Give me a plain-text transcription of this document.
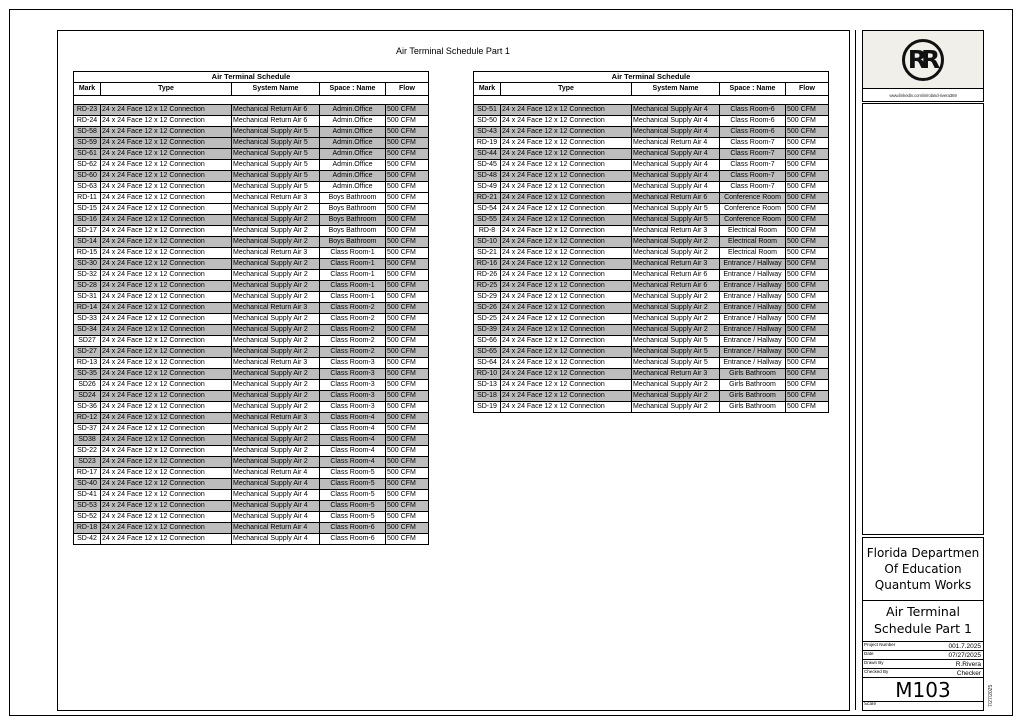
Air Terminal Schedule Part 1
Air Terminal Schedule				
Mark	Type	System Name	Space : Name	Flow

RD-23	24 x 24 Face 12 x 12 Connection	Mechanical Return Air 6	Admin.Office	500 CFM
RD-24	24 x 24 Face 12 x 12 Connection	Mechanical Return Air 6	Admin.Office	500 CFM
SD-58	24 x 24 Face 12 x 12 Connection	Mechanical Supply Air 5	Admin.Office	500 CFM
SD-59	24 x 24 Face 12 x 12 Connection	Mechanical Supply Air 5	Admin.Office	500 CFM
SD-61	24 x 24 Face 12 x 12 Connection	Mechanical Supply Air 5	Admin.Office	500 CFM
SD-62	24 x 24 Face 12 x 12 Connection	Mechanical Supply Air 5	Admin.Office	500 CFM
SD-60	24 x 24 Face 12 x 12 Connection	Mechanical Supply Air 5	Admin.Office	500 CFM
SD-63	24 x 24 Face 12 x 12 Connection	Mechanical Supply Air 5	Admin.Office	500 CFM
RD-11	24 x 24 Face 12 x 12 Connection	Mechanical Return Air 3	Boys Bathroom	500 CFM
SD-15	24 x 24 Face 12 x 12 Connection	Mechanical Supply Air 2	Boys Bathroom	500 CFM
SD-16	24 x 24 Face 12 x 12 Connection	Mechanical Supply Air 2	Boys Bathroom	500 CFM
SD-17	24 x 24 Face 12 x 12 Connection	Mechanical Supply Air 2	Boys Bathroom	500 CFM
SD-14	24 x 24 Face 12 x 12 Connection	Mechanical Supply Air 2	Boys Bathroom	500 CFM
RD-15	24 x 24 Face 12 x 12 Connection	Mechanical Return Air 3	Class Room-1	500 CFM
SD-30	24 x 24 Face 12 x 12 Connection	Mechanical Supply Air 2	Class Room-1	500 CFM
SD-32	24 x 24 Face 12 x 12 Connection	Mechanical Supply Air 2	Class Room-1	500 CFM
SD-28	24 x 24 Face 12 x 12 Connection	Mechanical Supply Air 2	Class Room-1	500 CFM
SD-31	24 x 24 Face 12 x 12 Connection	Mechanical Supply Air 2	Class Room-1	500 CFM
RD-14	24 x 24 Face 12 x 12 Connection	Mechanical Return Air 3	Class Room-2	500 CFM
SD-33	24 x 24 Face 12 x 12 Connection	Mechanical Supply Air 2	Class Room-2	500 CFM
SD-34	24 x 24 Face 12 x 12 Connection	Mechanical Supply Air 2	Class Room-2	500 CFM
SD27	24 x 24 Face 12 x 12 Connection	Mechanical Supply Air 2	Class Room-2	500 CFM
SD-27	24 x 24 Face 12 x 12 Connection	Mechanical Supply Air 2	Class Room-2	500 CFM
RD-13	24 x 24 Face 12 x 12 Connection	Mechanical Return Air 3	Class Room-3	500 CFM
SD-35	24 x 24 Face 12 x 12 Connection	Mechanical Supply Air 2	Class Room-3	500 CFM
SD26	24 x 24 Face 12 x 12 Connection	Mechanical Supply Air 2	Class Room-3	500 CFM
SD24	24 x 24 Face 12 x 12 Connection	Mechanical Supply Air 2	Class Room-3	500 CFM
SD-36	24 x 24 Face 12 x 12 Connection	Mechanical Supply Air 2	Class Room-3	500 CFM
RD-12	24 x 24 Face 12 x 12 Connection	Mechanical Return Air 3	Class Room-4	500 CFM
SD-37	24 x 24 Face 12 x 12 Connection	Mechanical Supply Air 2	Class Room-4	500 CFM
SD38	24 x 24 Face 12 x 12 Connection	Mechanical Supply Air 2	Class Room-4	500 CFM
SD-22	24 x 24 Face 12 x 12 Connection	Mechanical Supply Air 2	Class Room-4	500 CFM
SD23	24 x 24 Face 12 x 12 Connection	Mechanical Supply Air 2	Class Room-4	500 CFM
RD-17	24 x 24 Face 12 x 12 Connection	Mechanical Return Air 4	Class Room-5	500 CFM
SD-40	24 x 24 Face 12 x 12 Connection	Mechanical Supply Air 4	Class Room-5	500 CFM
SD-41	24 x 24 Face 12 x 12 Connection	Mechanical Supply Air 4	Class Room-5	500 CFM
SD-53	24 x 24 Face 12 x 12 Connection	Mechanical Supply Air 4	Class Room-5	500 CFM
SD-52	24 x 24 Face 12 x 12 Connection	Mechanical Supply Air 4	Class Room-5	500 CFM
RD-18	24 x 24 Face 12 x 12 Connection	Mechanical Return Air 4	Class Room-6	500 CFM
SD-42	24 x 24 Face 12 x 12 Connection	Mechanical Supply Air 4	Class Room-6	500 CFM
Air Terminal Schedule				
Mark	Type	System Name	Space : Name	Flow

SD-51	24 x 24 Face 12 x 12 Connection	Mechanical Supply Air 4	Class Room-6	500 CFM
SD-50	24 x 24 Face 12 x 12 Connection	Mechanical Supply Air 4	Class Room-6	500 CFM
SD-43	24 x 24 Face 12 x 12 Connection	Mechanical Supply Air 4	Class Room-6	500 CFM
RD-19	24 x 24 Face 12 x 12 Connection	Mechanical Return Air 4	Class Room-7	500 CFM
SD-44	24 x 24 Face 12 x 12 Connection	Mechanical Supply Air 4	Class Room-7	500 CFM
SD-45	24 x 24 Face 12 x 12 Connection	Mechanical Supply Air 4	Class Room-7	500 CFM
SD-48	24 x 24 Face 12 x 12 Connection	Mechanical Supply Air 4	Class Room-7	500 CFM
SD-49	24 x 24 Face 12 x 12 Connection	Mechanical Supply Air 4	Class Room-7	500 CFM
RD-21	24 x 24 Face 12 x 12 Connection	Mechanical Return Air 6	Conference Room	500 CFM
SD-54	24 x 24 Face 12 x 12 Connection	Mechanical Supply Air 5	Conference Room	500 CFM
SD-55	24 x 24 Face 12 x 12 Connection	Mechanical Supply Air 5	Conference Room	500 CFM
RD-8	24 x 24 Face 12 x 12 Connection	Mechanical Return Air 3	Electrical Room	500 CFM
SD-10	24 x 24 Face 12 x 12 Connection	Mechanical Supply Air 2	Electrical Room	500 CFM
SD-21	24 x 24 Face 12 x 12 Connection	Mechanical Supply Air 2	Electrical Room	500 CFM
RD-16	24 x 24 Face 12 x 12 Connection	Mechanical Return Air 3	Entrance / Hallway	500 CFM
RD-26	24 x 24 Face 12 x 12 Connection	Mechanical Return Air 6	Entrance / Hallway	500 CFM
RD-25	24 x 24 Face 12 x 12 Connection	Mechanical Return Air 6	Entrance / Hallway	500 CFM
SD-29	24 x 24 Face 12 x 12 Connection	Mechanical Supply Air 2	Entrance / Hallway	500 CFM
SD-26	24 x 24 Face 12 x 12 Connection	Mechanical Supply Air 2	Entrance / Hallway	500 CFM
SD-25	24 x 24 Face 12 x 12 Connection	Mechanical Supply Air 2	Entrance / Hallway	500 CFM
SD-39	24 x 24 Face 12 x 12 Connection	Mechanical Supply Air 2	Entrance / Hallway	500 CFM
SD-66	24 x 24 Face 12 x 12 Connection	Mechanical Supply Air 5	Entrance / Hallway	500 CFM
SD-65	24 x 24 Face 12 x 12 Connection	Mechanical Supply Air 5	Entrance / Hallway	500 CFM
SD-64	24 x 24 Face 12 x 12 Connection	Mechanical Supply Air 5	Entrance / Hallway	500 CFM
RD-10	24 x 24 Face 12 x 12 Connection	Mechanical Return Air 3	Girls Bathroom	500 CFM
SD-13	24 x 24 Face 12 x 12 Connection	Mechanical Supply Air 2	Girls Bathroom	500 CFM
SD-18	24 x 24 Face 12 x 12 Connection	Mechanical Supply Air 2	Girls Bathroom	500 CFM
SD-19	24 x 24 Face 12 x 12 Connection	Mechanical Supply Air 2	Girls Bathroom	500 CFM
RR
www.linkedin.com/in/roland-rivera369
Florida Departmen
Of Education
Quantum Works
Air Terminal
Schedule Part 1
Project Number	001.7.2025
Date	07/27/2025
Drawn By	R.Rivera
Checked By	Checker
M103
Scale	7/27/2025
